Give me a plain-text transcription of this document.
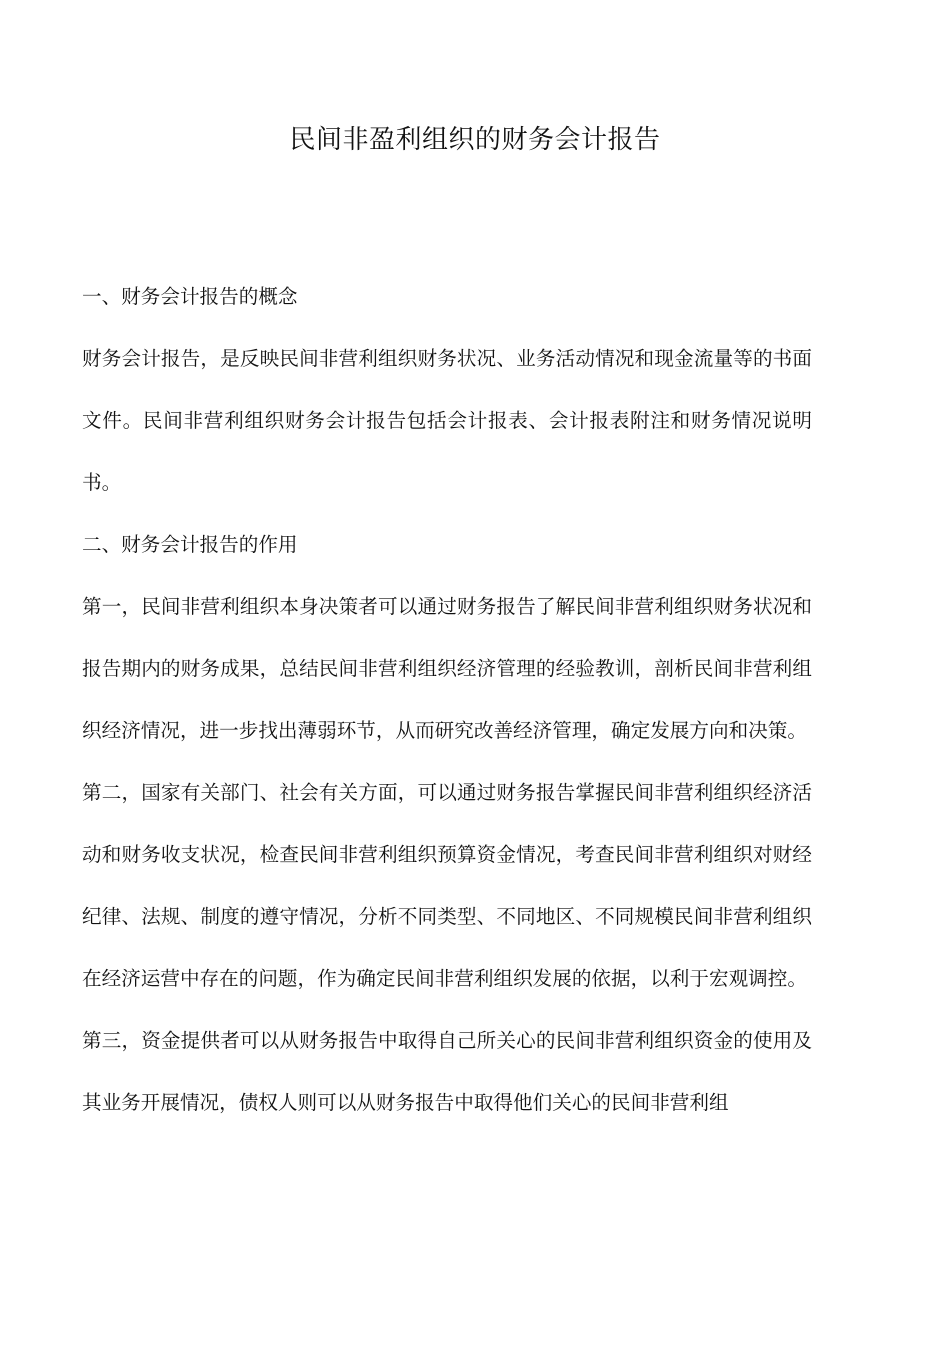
民间非盈利组织的财务会计报告

一、财务会计报告的概念

财务会计报告，是反映民间非营利组织财务状况、业务活动情况和现金流量等的书面文件。民间非营利组织财务会计报告包括会计报表、会计报表附注和财务情况说明书。

二、财务会计报告的作用

第一，民间非营利组织本身决策者可以通过财务报告了解民间非营利组织财务状况和报告期内的财务成果，总结民间非营利组织经济管理的经验教训，剖析民间非营利组织经济情况，进一步找出薄弱环节，从而研究改善经济管理，确定发展方向和决策。

第二，国家有关部门、社会有关方面，可以通过财务报告掌握民间非营利组织经济活动和财务收支状况，检查民间非营利组织预算资金情况，考查民间非营利组织对财经纪律、法规、制度的遵守情况，分析不同类型、不同地区、不同规模民间非营利组织在经济运营中存在的问题，作为确定民间非营利组织发展的依据，以利于宏观调控。

第三，资金提供者可以从财务报告中取得自己所关心的民间非营利组织资金的使用及其业务开展情况，债权人则可以从财务报告中取得他们关心的民间非营利组
